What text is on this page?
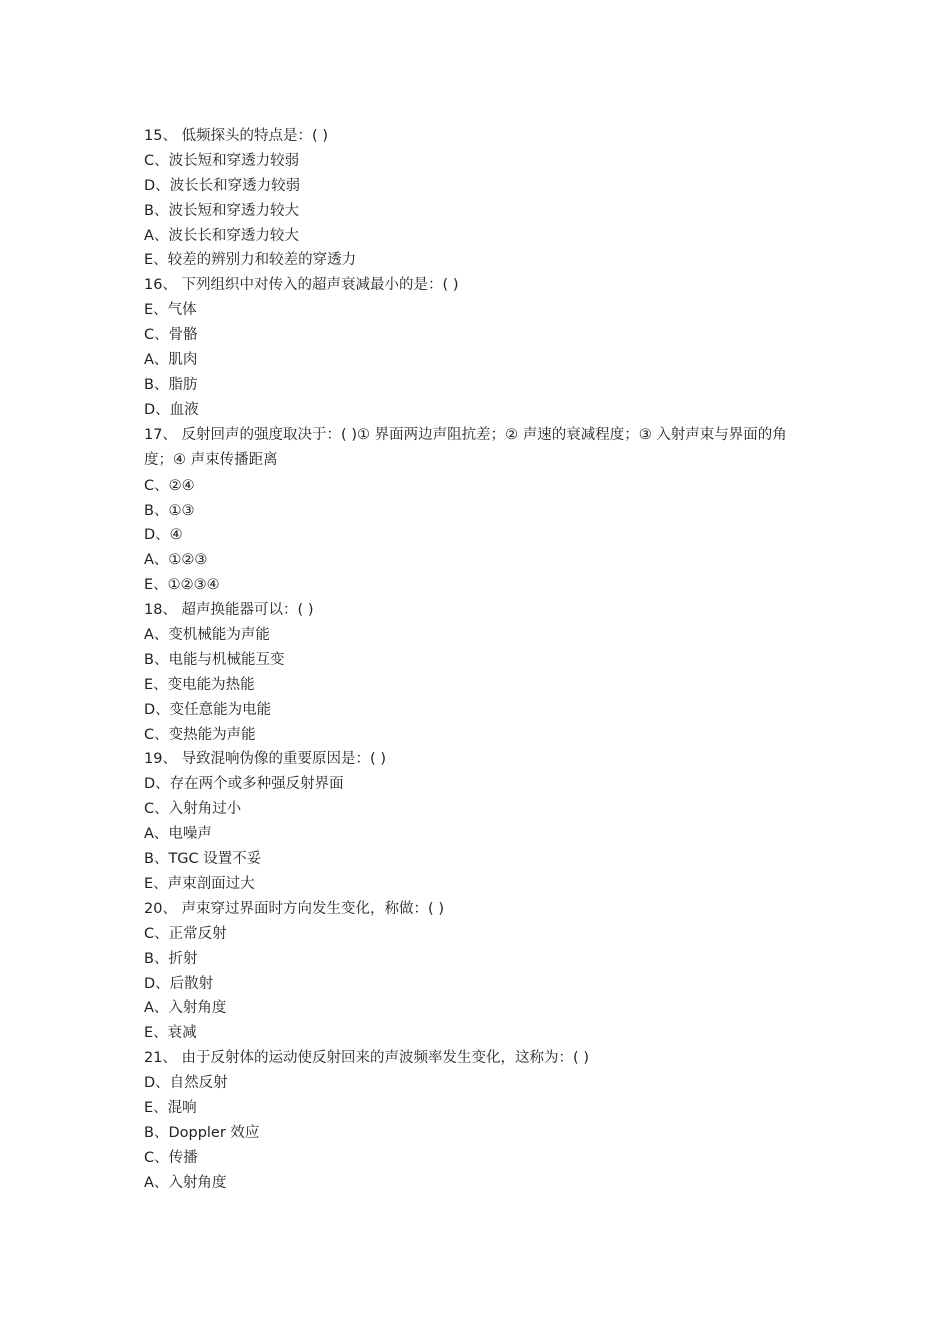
15、 低频探头的特点是：( )
C、波长短和穿透力较弱
D、波长长和穿透力较弱
B、波长短和穿透力较大
A、波长长和穿透力较大
E、较差的辨别力和较差的穿透力
16、 下列组织中对传入的超声衰减最小的是：( )
E、气体
C、骨骼
A、肌肉
B、脂肪
D、血液
17、 反射回声的强度取决于：( )① 界面两边声阻抗差；② 声速的衰减程度；③ 入射声束与界面的角度；④ 声束传播距离
C、②④
B、①③
D、④
A、①②③
E、①②③④
18、 超声换能器可以：( )
A、变机械能为声能
B、电能与机械能互变
E、变电能为热能
D、变任意能为电能
C、变热能为声能
19、 导致混响伪像的重要原因是：( )
D、存在两个或多种强反射界面
C、入射角过小
A、电噪声
B、TGC 设置不妥
E、声束剖面过大
20、 声束穿过界面时方向发生变化，称做：( )
C、正常反射
B、折射
D、后散射
A、入射角度
E、衰减
21、 由于反射体的运动使反射回来的声波频率发生变化，这称为：( )
D、自然反射
E、混响
B、Doppler 效应
C、传播
A、入射角度
